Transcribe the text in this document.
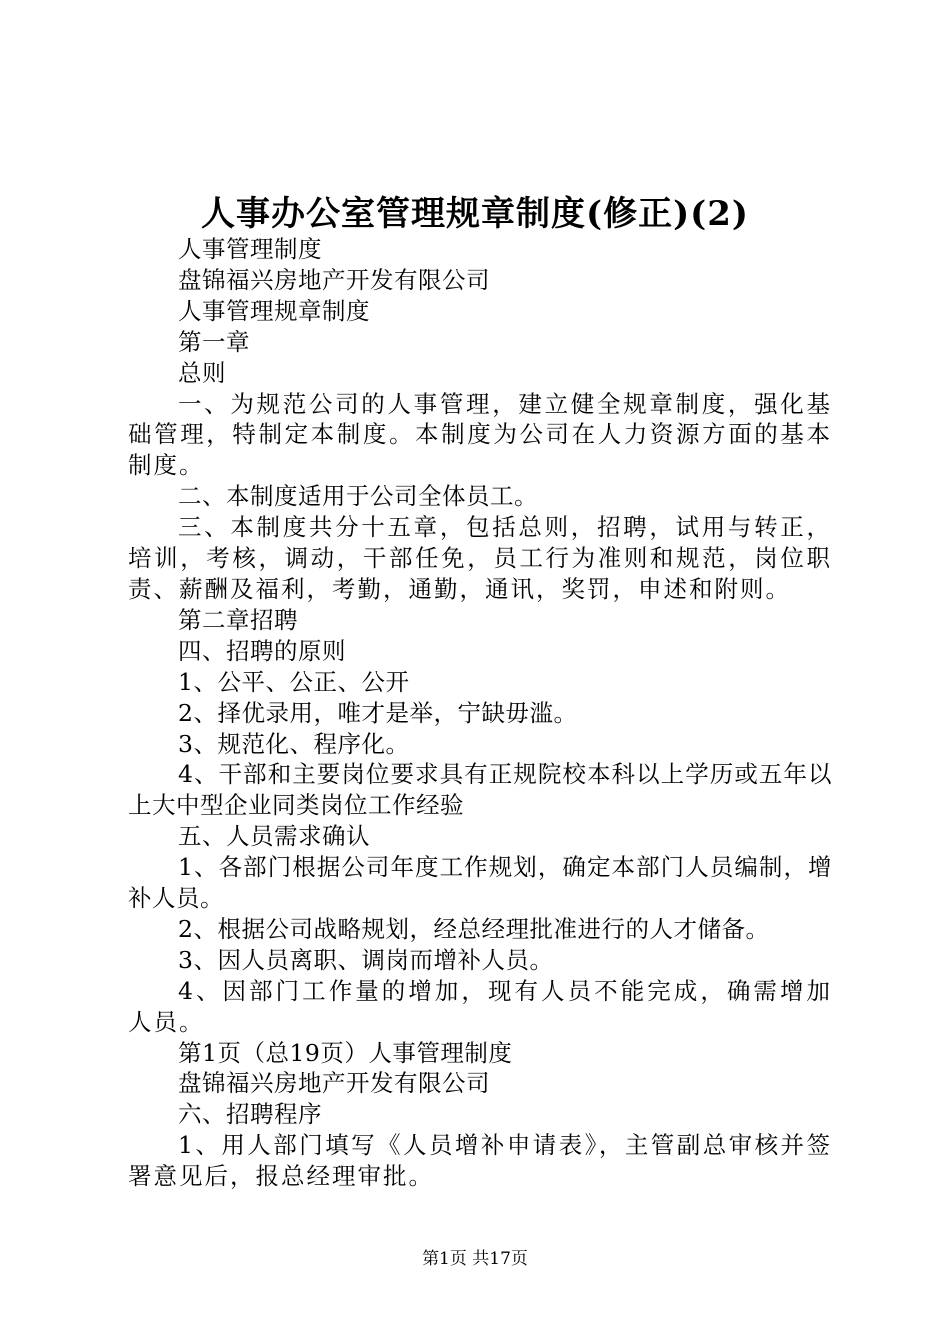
人事办公室管理规章制度(修正)(2)

人事管理制度

盘锦福兴房地产开发有限公司

人事管理规章制度

第一章

总则

一、为规范公司的人事管理，建立健全规章制度，强化基础管理，特制定本制度。本制度为公司在人力资源方面的基本制度。

二、本制度适用于公司全体员工。

三、本制度共分十五章，包括总则，招聘，试用与转正，培训，考核，调动，干部任免，员工行为准则和规范，岗位职责、薪酬及福利，考勤，通勤，通讯，奖罚，申述和附则。

第二章招聘

四、招聘的原则

1、公平、公正、公开

2、择优录用，唯才是举，宁缺毋滥。

3、规范化、程序化。

4、干部和主要岗位要求具有正规院校本科以上学历或五年以上大中型企业同类岗位工作经验

五、人员需求确认

1、各部门根据公司年度工作规划，确定本部门人员编制，增补人员。

2、根据公司战略规划，经总经理批准进行的人才储备。

3、因人员离职、调岗而增补人员。

4、因部门工作量的增加，现有人员不能完成，确需增加人员。

第1页（总19页）人事管理制度

盘锦福兴房地产开发有限公司

六、招聘程序

1、用人部门填写《人员增补申请表》，主管副总审核并签署意见后，报总经理审批。

第1页 共17页
